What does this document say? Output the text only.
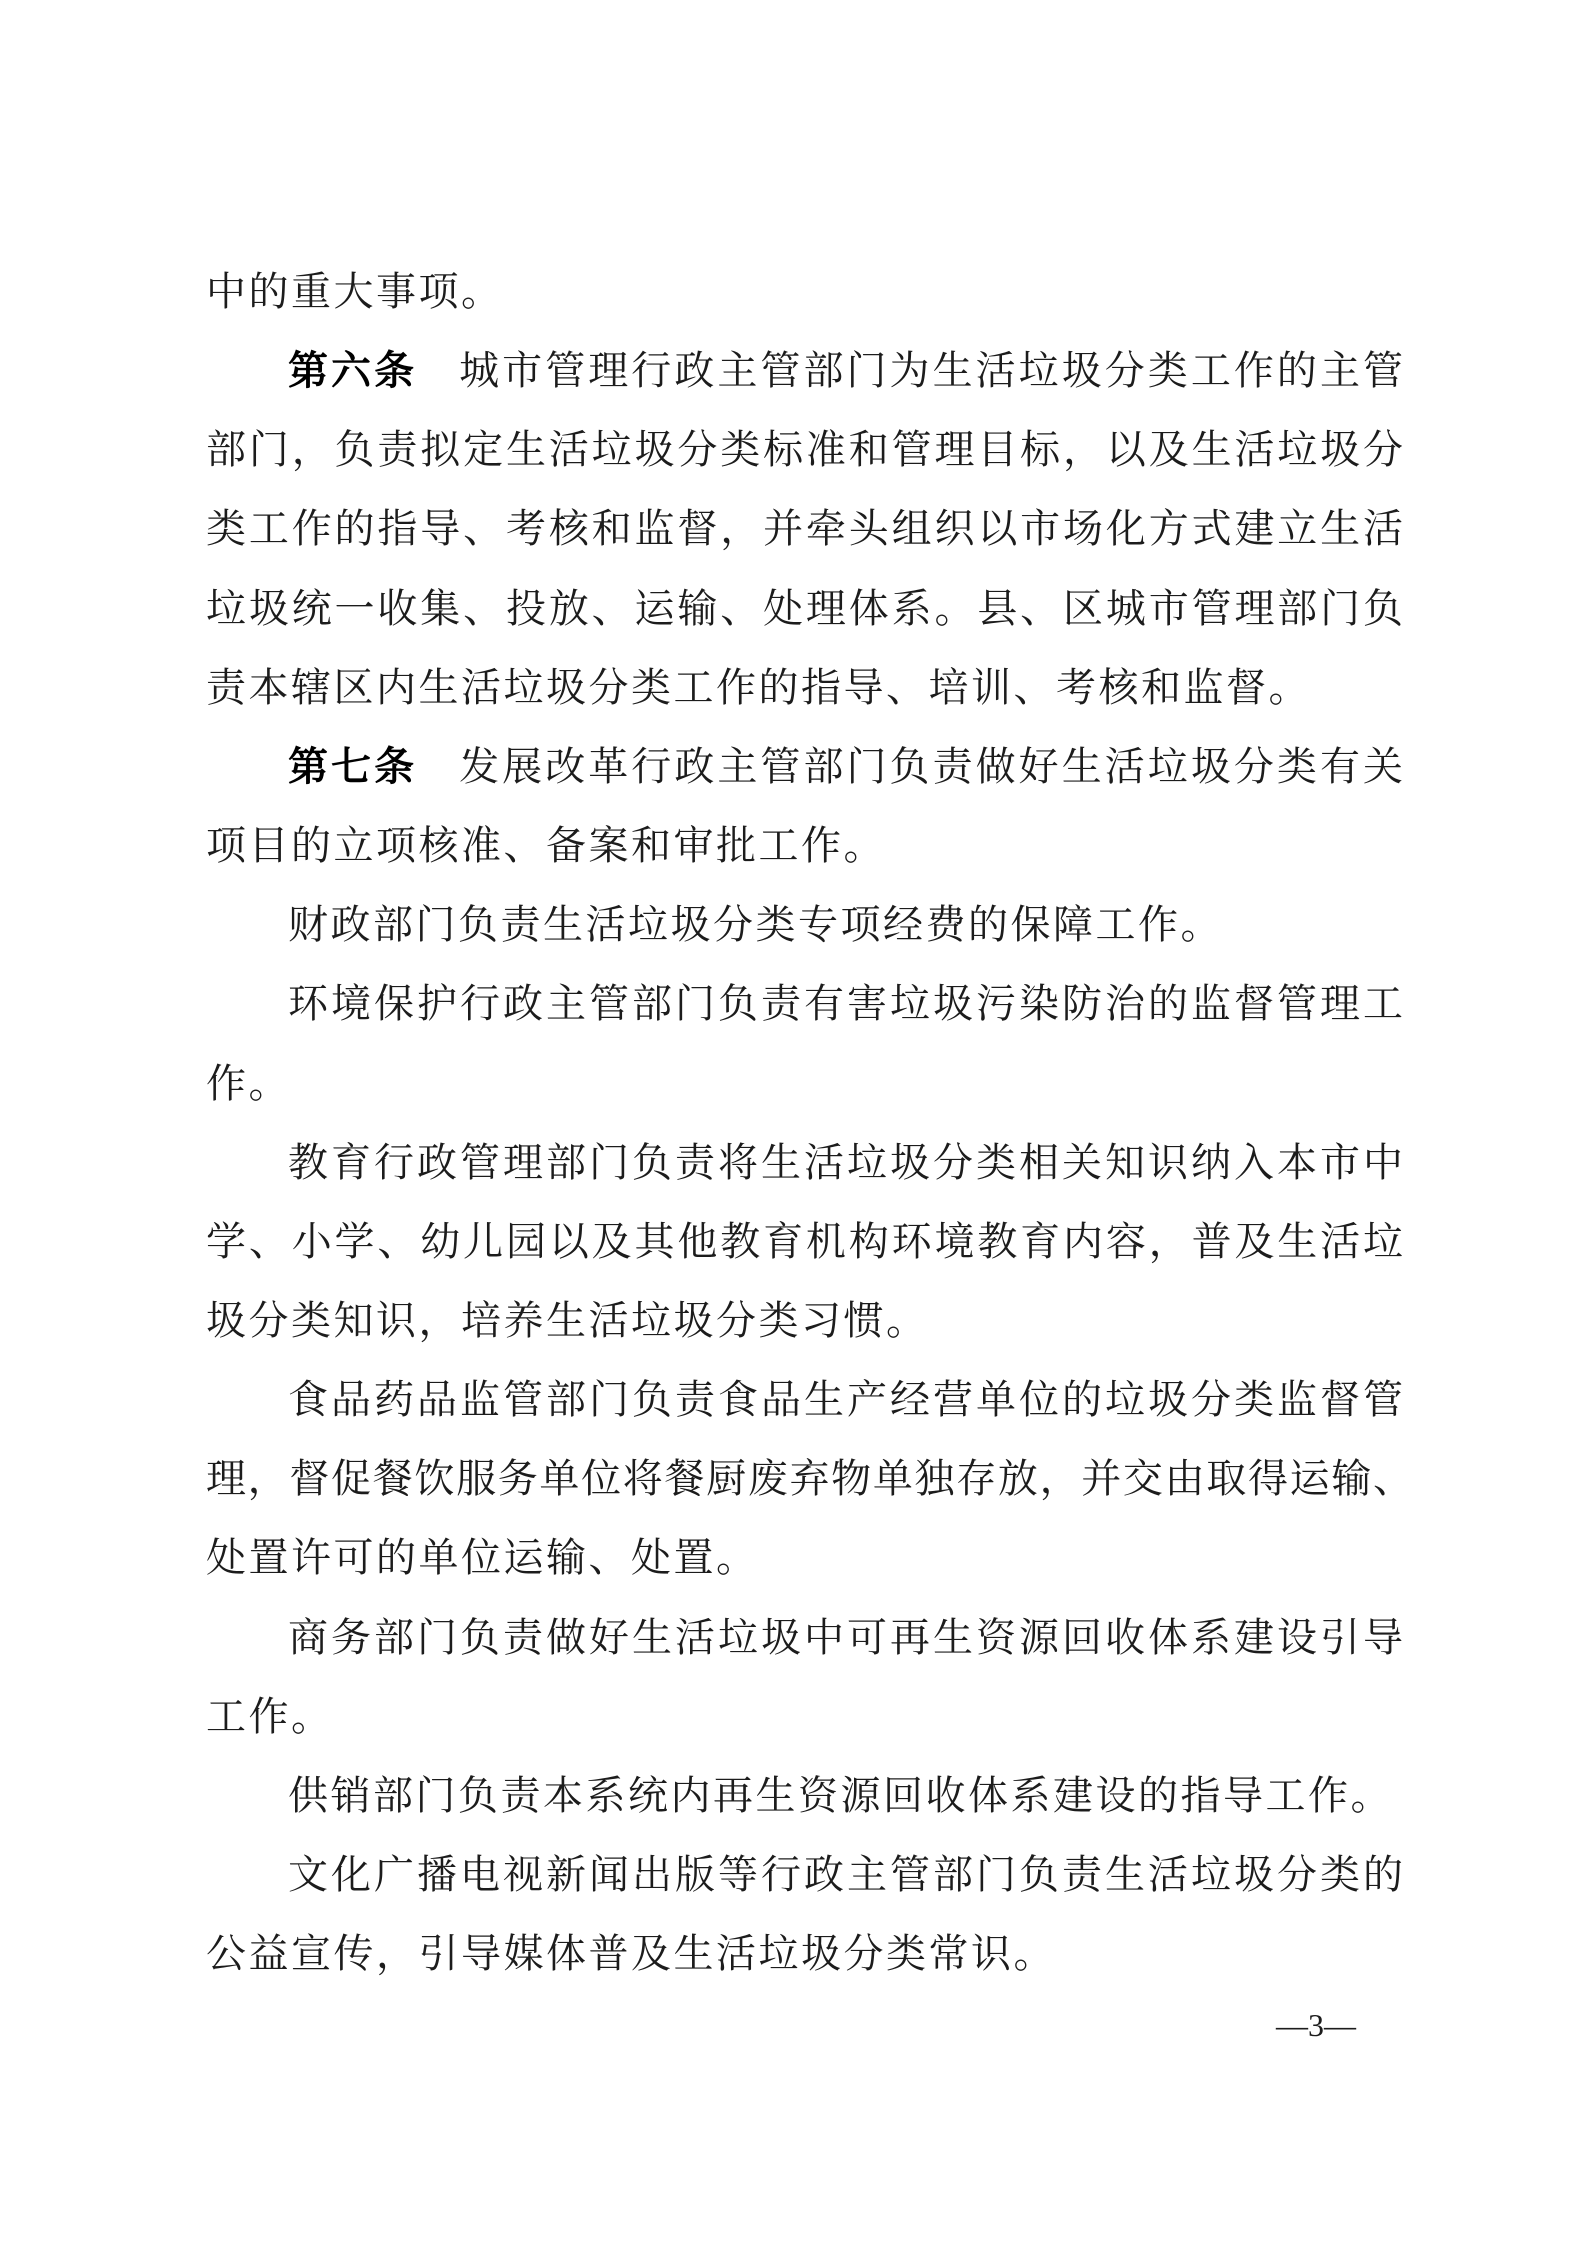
中的重大事项。
第六条 城市管理行政主管部门为生活垃圾分类工作的主管
部门，负责拟定生活垃圾分类标准和管理目标，以及生活垃圾分
类工作的指导、考核和监督，并牵头组织以市场化方式建立生活
垃圾统一收集、投放、运输、处理体系。县、区城市管理部门负
责本辖区内生活垃圾分类工作的指导、培训、考核和监督。
第七条 发展改革行政主管部门负责做好生活垃圾分类有关
项目的立项核准、备案和审批工作。
财政部门负责生活垃圾分类专项经费的保障工作。
环境保护行政主管部门负责有害垃圾污染防治的监督管理工
作。
教育行政管理部门负责将生活垃圾分类相关知识纳入本市中
学、小学、幼儿园以及其他教育机构环境教育内容，普及生活垃
圾分类知识，培养生活垃圾分类习惯。
食品药品监管部门负责食品生产经营单位的垃圾分类监督管
理，督促餐饮服务单位将餐厨废弃物单独存放，并交由取得运输、
处置许可的单位运输、处置。
商务部门负责做好生活垃圾中可再生资源回收体系建设引导
工作。
供销部门负责本系统内再生资源回收体系建设的指导工作。
文化广播电视新闻出版等行政主管部门负责生活垃圾分类的
公益宣传，引导媒体普及生活垃圾分类常识。
—3—
